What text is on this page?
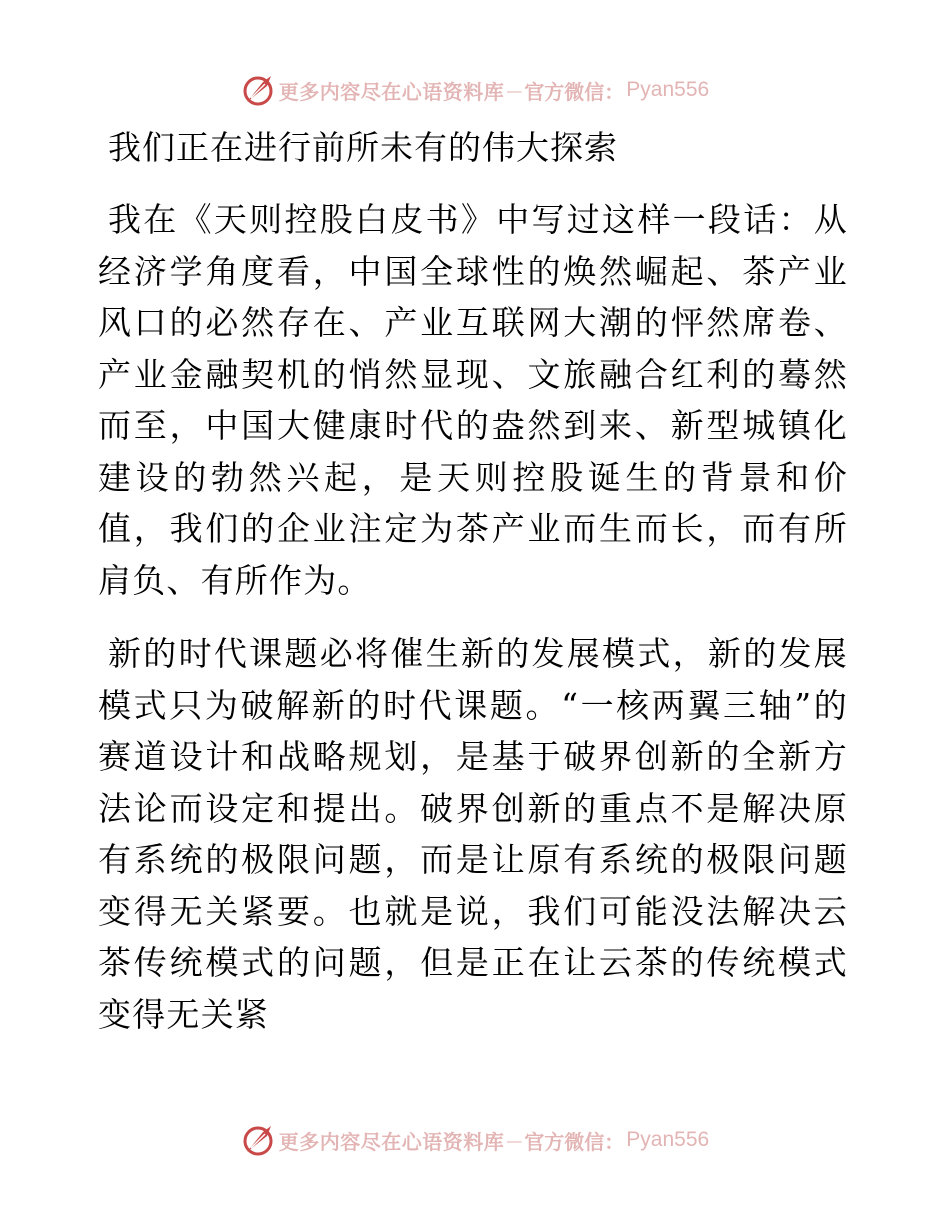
更多内容尽在心语资料库 — 官方微信： Pyan556
我们正在进行前所未有的伟大探索

我在《天则控股白皮书》中写过这样一段话：从经济学角度看，中国全球性的焕然崛起、茶产业风口的必然存在、产业互联网大潮的怦然席卷、产业金融契机的悄然显现、文旅融合红利的蓦然而至，中国大健康时代的盎然到来、新型城镇化建设的勃然兴起，是天则控股诞生的背景和价值，我们的企业注定为茶产业而生而长，而有所肩负、有所作为。

新的时代课题必将催生新的发展模式，新的发展模式只为破解新的时代课题。“一核两翼三轴”的赛道设计和战略规划，是基于破界创新的全新方法论而设定和提出。破界创新的重点不是解决原有系统的极限问题，而是让原有系统的极限问题变得无关紧要。也就是说，我们可能没法解决云茶传统模式的问题，但是正在让云茶的传统模式变得无关紧

更多内容尽在心语资料库 — 官方微信： Pyan556
